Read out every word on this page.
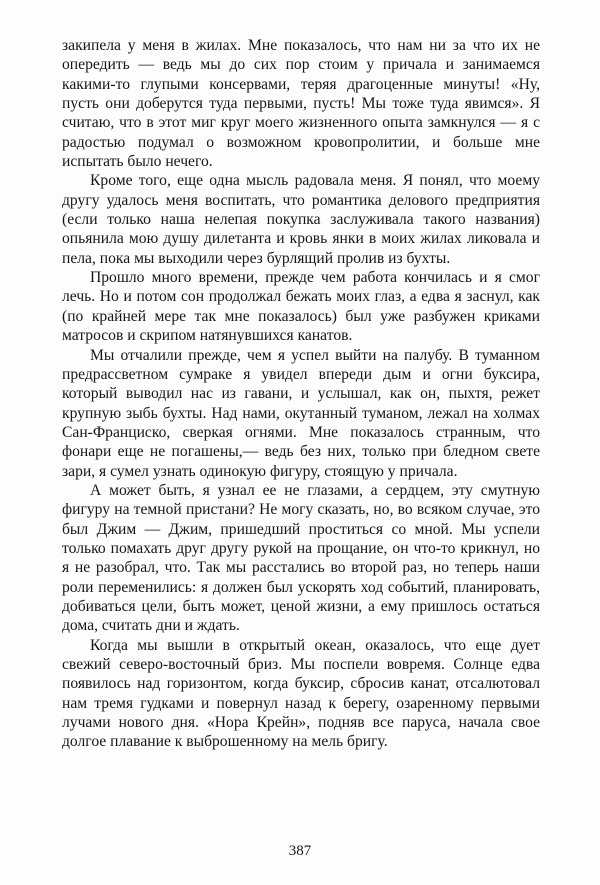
закипела у меня в жилах. Мне показалось, что нам ни за что их не опередить — ведь мы до сих пор стоим у причала и занимаемся какими-то глупыми консервами, теряя драгоценные минуты! «Ну, пусть они доберутся туда первыми, пусть! Мы тоже туда явимся». Я считаю, что в этот миг круг моего жизненного опыта замкнулся — я с радостью подумал о возможном кровопролитии, и больше мне испытать было нечего.

Кроме того, еще одна мысль радовала меня. Я понял, что моему другу удалось меня воспитать, что романтика делового предприятия (если только наша нелепая покупка заслуживала такого названия) опьянила мою душу дилетанта и кровь янки в моих жилах ликовала и пела, пока мы выходили через бурлящий пролив из бухты.

Прошло много времени, прежде чем работа кончилась и я смог лечь. Но и потом сон продолжал бежать моих глаз, а едва я заснул, как (по крайней мере так мне показалось) был уже разбужен криками матросов и скрипом натянувшихся канатов.

Мы отчалили прежде, чем я успел выйти на палубу. В туманном предрассветном сумраке я увидел впереди дым и огни буксира, который выводил нас из гавани, и услышал, как он, пыхтя, режет крупную зыбь бухты. Над нами, окутанный туманом, лежал на холмах Сан-Франциско, сверкая огнями. Мне показалось странным, что фонари еще не погашены,— ведь без них, только при бледном свете зари, я сумел узнать одинокую фигуру, стоящую у причала.

А может быть, я узнал ее не глазами, а сердцем, эту смутную фигуру на темной пристани? Не могу сказать, но, во всяком случае, это был Джим — Джим, пришедший проститься со мной. Мы успели только помахать друг другу рукой на прощание, он что-то крикнул, но я не разобрал, что. Так мы расстались во второй раз, но теперь наши роли переменились: я должен был ускорять ход событий, планировать, добиваться цели, быть может, ценой жизни, а ему пришлось остаться дома, считать дни и ждать.

Когда мы вышли в открытый океан, оказалось, что еще дует свежий северо-восточный бриз. Мы поспели вовремя. Солнце едва появилось над горизонтом, когда буксир, сбросив канат, отсалютовал нам тремя гудками и повернул назад к берегу, озаренному первыми лучами нового дня. «Нора Крейн», подняв все паруса, начала свое долгое плавание к выброшенному на мель бригу.

387
